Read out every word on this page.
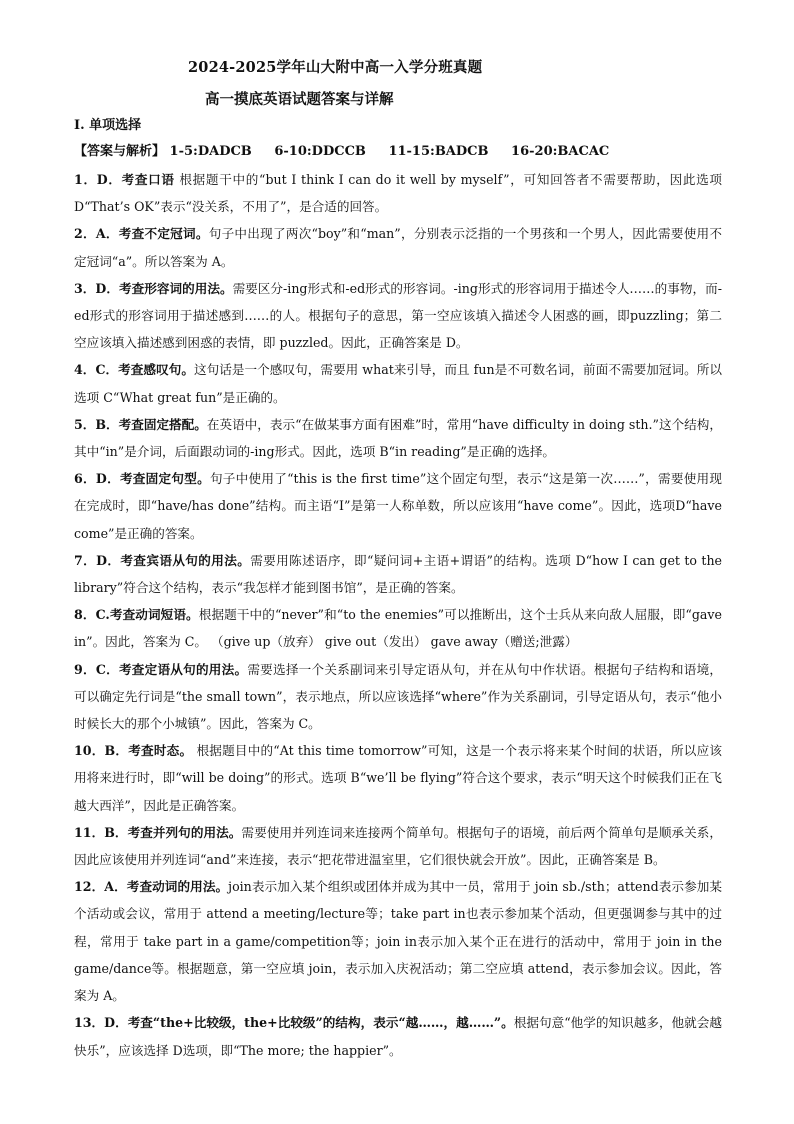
2024-2025学年山大附中高一入学分班真题
高一摸底英语试题答案与详解
I. 单项选择
【答案与解析】 1-5:DADCB 6-10:DDCCB 11-15:BADCB 16-20:BACAC

1．D．考查口语 根据题干中的“but I think I can do it well by myself”，可知回答者不需要帮助，因此选项D“That’s OK”表示“没关系，不用了”，是合适的回答。

2．A．考查不定冠词。句子中出现了两次“boy”和“man”，分别表示泛指的一个男孩和一个男人，因此需要使用不定冠词“a”。所以答案为 A。

3．D．考查形容词的用法。需要区分-ing形式和-ed形式的形容词。-ing形式的形容词用于描述令人……的事物，而-ed形式的形容词用于描述感到……的人。根据句子的意思，第一空应该填入描述令人困惑的画，即puzzling；第二空应该填入描述感到困惑的表情，即 puzzled。因此，正确答案是 D。

4．C．考查感叹句。这句话是一个感叹句，需要用 what来引导，而且 fun是不可数名词，前面不需要加冠词。所以选项 C“What great fun”是正确的。

5．B．考查固定搭配。在英语中，表示“在做某事方面有困难”时，常用“have difficulty in doing sth.”这个结构，其中“in”是介词，后面跟动词的-ing形式。因此，选项 B“in reading”是正确的选择。

6．D．考查固定句型。句子中使用了“this is the first time”这个固定句型，表示“这是第一次……”，需要使用现在完成时，即“have/has done”结构。而主语“I”是第一人称单数，所以应该用“have come”。因此，选项D“have come”是正确的答案。

7．D．考查宾语从句的用法。需要用陈述语序，即“疑问词+主语+谓语”的结构。选项 D“how I can get to the library”符合这个结构，表示“我怎样才能到图书馆”，是正确的答案。

8．C.考查动词短语。根据题干中的“never”和“to the enemies”可以推断出，这个士兵从来向敌人屈服，即“gave in”。因此，答案为 C。 （give up（放弃） give out（发出） gave away（赠送;泄露）

9．C．考查定语从句的用法。需要选择一个关系副词来引导定语从句，并在从句中作状语。根据句子结构和语境，可以确定先行词是“the small town”，表示地点，所以应该选择“where”作为关系副词，引导定语从句，表示“他小时候长大的那个小城镇”。因此，答案为 C。

10．B．考查时态。 根据题目中的“At this time tomorrow”可知，这是一个表示将来某个时间的状语，所以应该用将来进行时，即“will be doing”的形式。选项 B“we’ll be flying”符合这个要求，表示“明天这个时候我们正在飞越大西洋”，因此是正确答案。

11．B．考查并列句的用法。需要使用并列连词来连接两个简单句。根据句子的语境，前后两个简单句是顺承关系，因此应该使用并列连词“and”来连接，表示“把花带进温室里，它们很快就会开放”。因此，正确答案是 B。

12．A．考查动词的用法。join表示加入某个组织或团体并成为其中一员，常用于 join sb./sth；attend表示参加某个活动或会议，常用于 attend a meeting/lecture等；take part in也表示参加某个活动，但更强调参与其中的过程，常用于 take part in a game/competition等；join in表示加入某个正在进行的活动中，常用于 join in the game/dance等。根据题意，第一空应填 join，表示加入庆祝活动；第二空应填 attend，表示参加会议。因此，答案为 A。

13．D．考查“the+比较级，the+比较级”的结构，表示“越……，越……”。根据句意“他学的知识越多，他就会越快乐”，应该选择 D选项，即“The more; the happier”。
